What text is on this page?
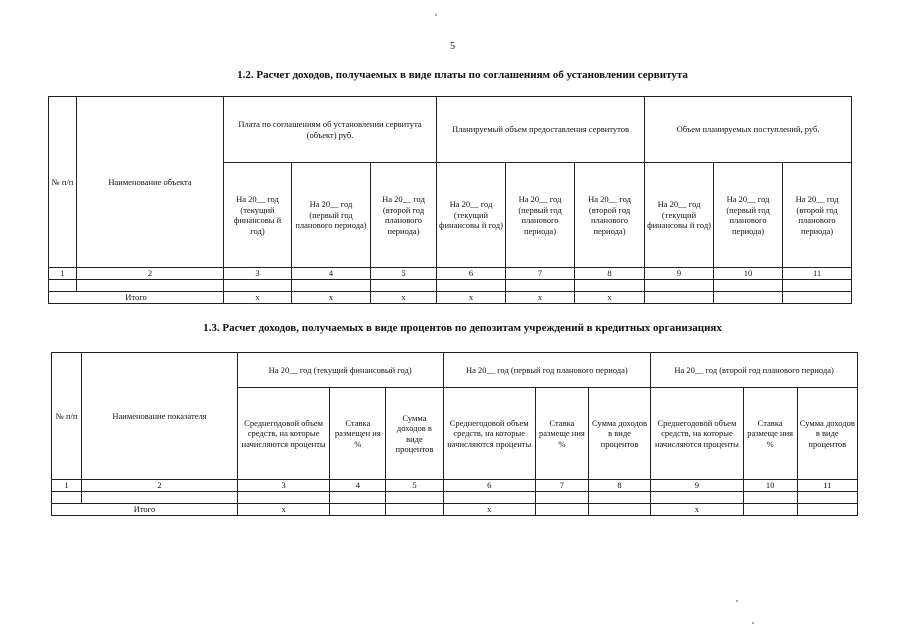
5
1.2. Расчет доходов, получаемых в виде платы по соглашениям об установлении сервитута
№ п/п	Наименование объекта	Плата по соглашениям об установлении сервитута (объект) руб.			Планируемый объем предоставления сервитутов			Объем планируемых поступлений, руб.		
		На 20__ год (текущий финансовы й год)	На 20__ год (первый год планового периода)	На 20__ год (второй год планового периода)	На 20__ год (текущий финансовы й год)	На 20__ год (первый год планового периода)	На 20__ год (второй год планового периода)	На 20__ год (текущий финансовы й год)	На 20__ год (первый год планового периода)	На 20__ год (второй год планового периода)
1	2	3	4	5	6	7	8	9	10	11

Итого		x	x	x	x	x	x			
1.3. Расчет доходов, получаемых в виде процентов по депозитам учреждений в кредитных организациях
№ п/п	Наименование показателя	На 20__ год (текущий финансовый год)			На 20__ год (первый год планового периода)			На 20__ год (второй год планового периода)		
		Среднегодовой объем средств, на которые начисляются проценты	Ставка размещен ия %	Сумма доходов в виде процентов	Среднегодовой объем средств, на которые начисляются проценты	Ставка размеще ния %	Сумма доходов в виде процентов	Среднегодовой объем средств, на которые начисляются проценты	Ставка размеще ния %	Сумма доходов в виде процентов
1	2	3	4	5	6	7	8	9	10	11

Итого		x			x			x		
